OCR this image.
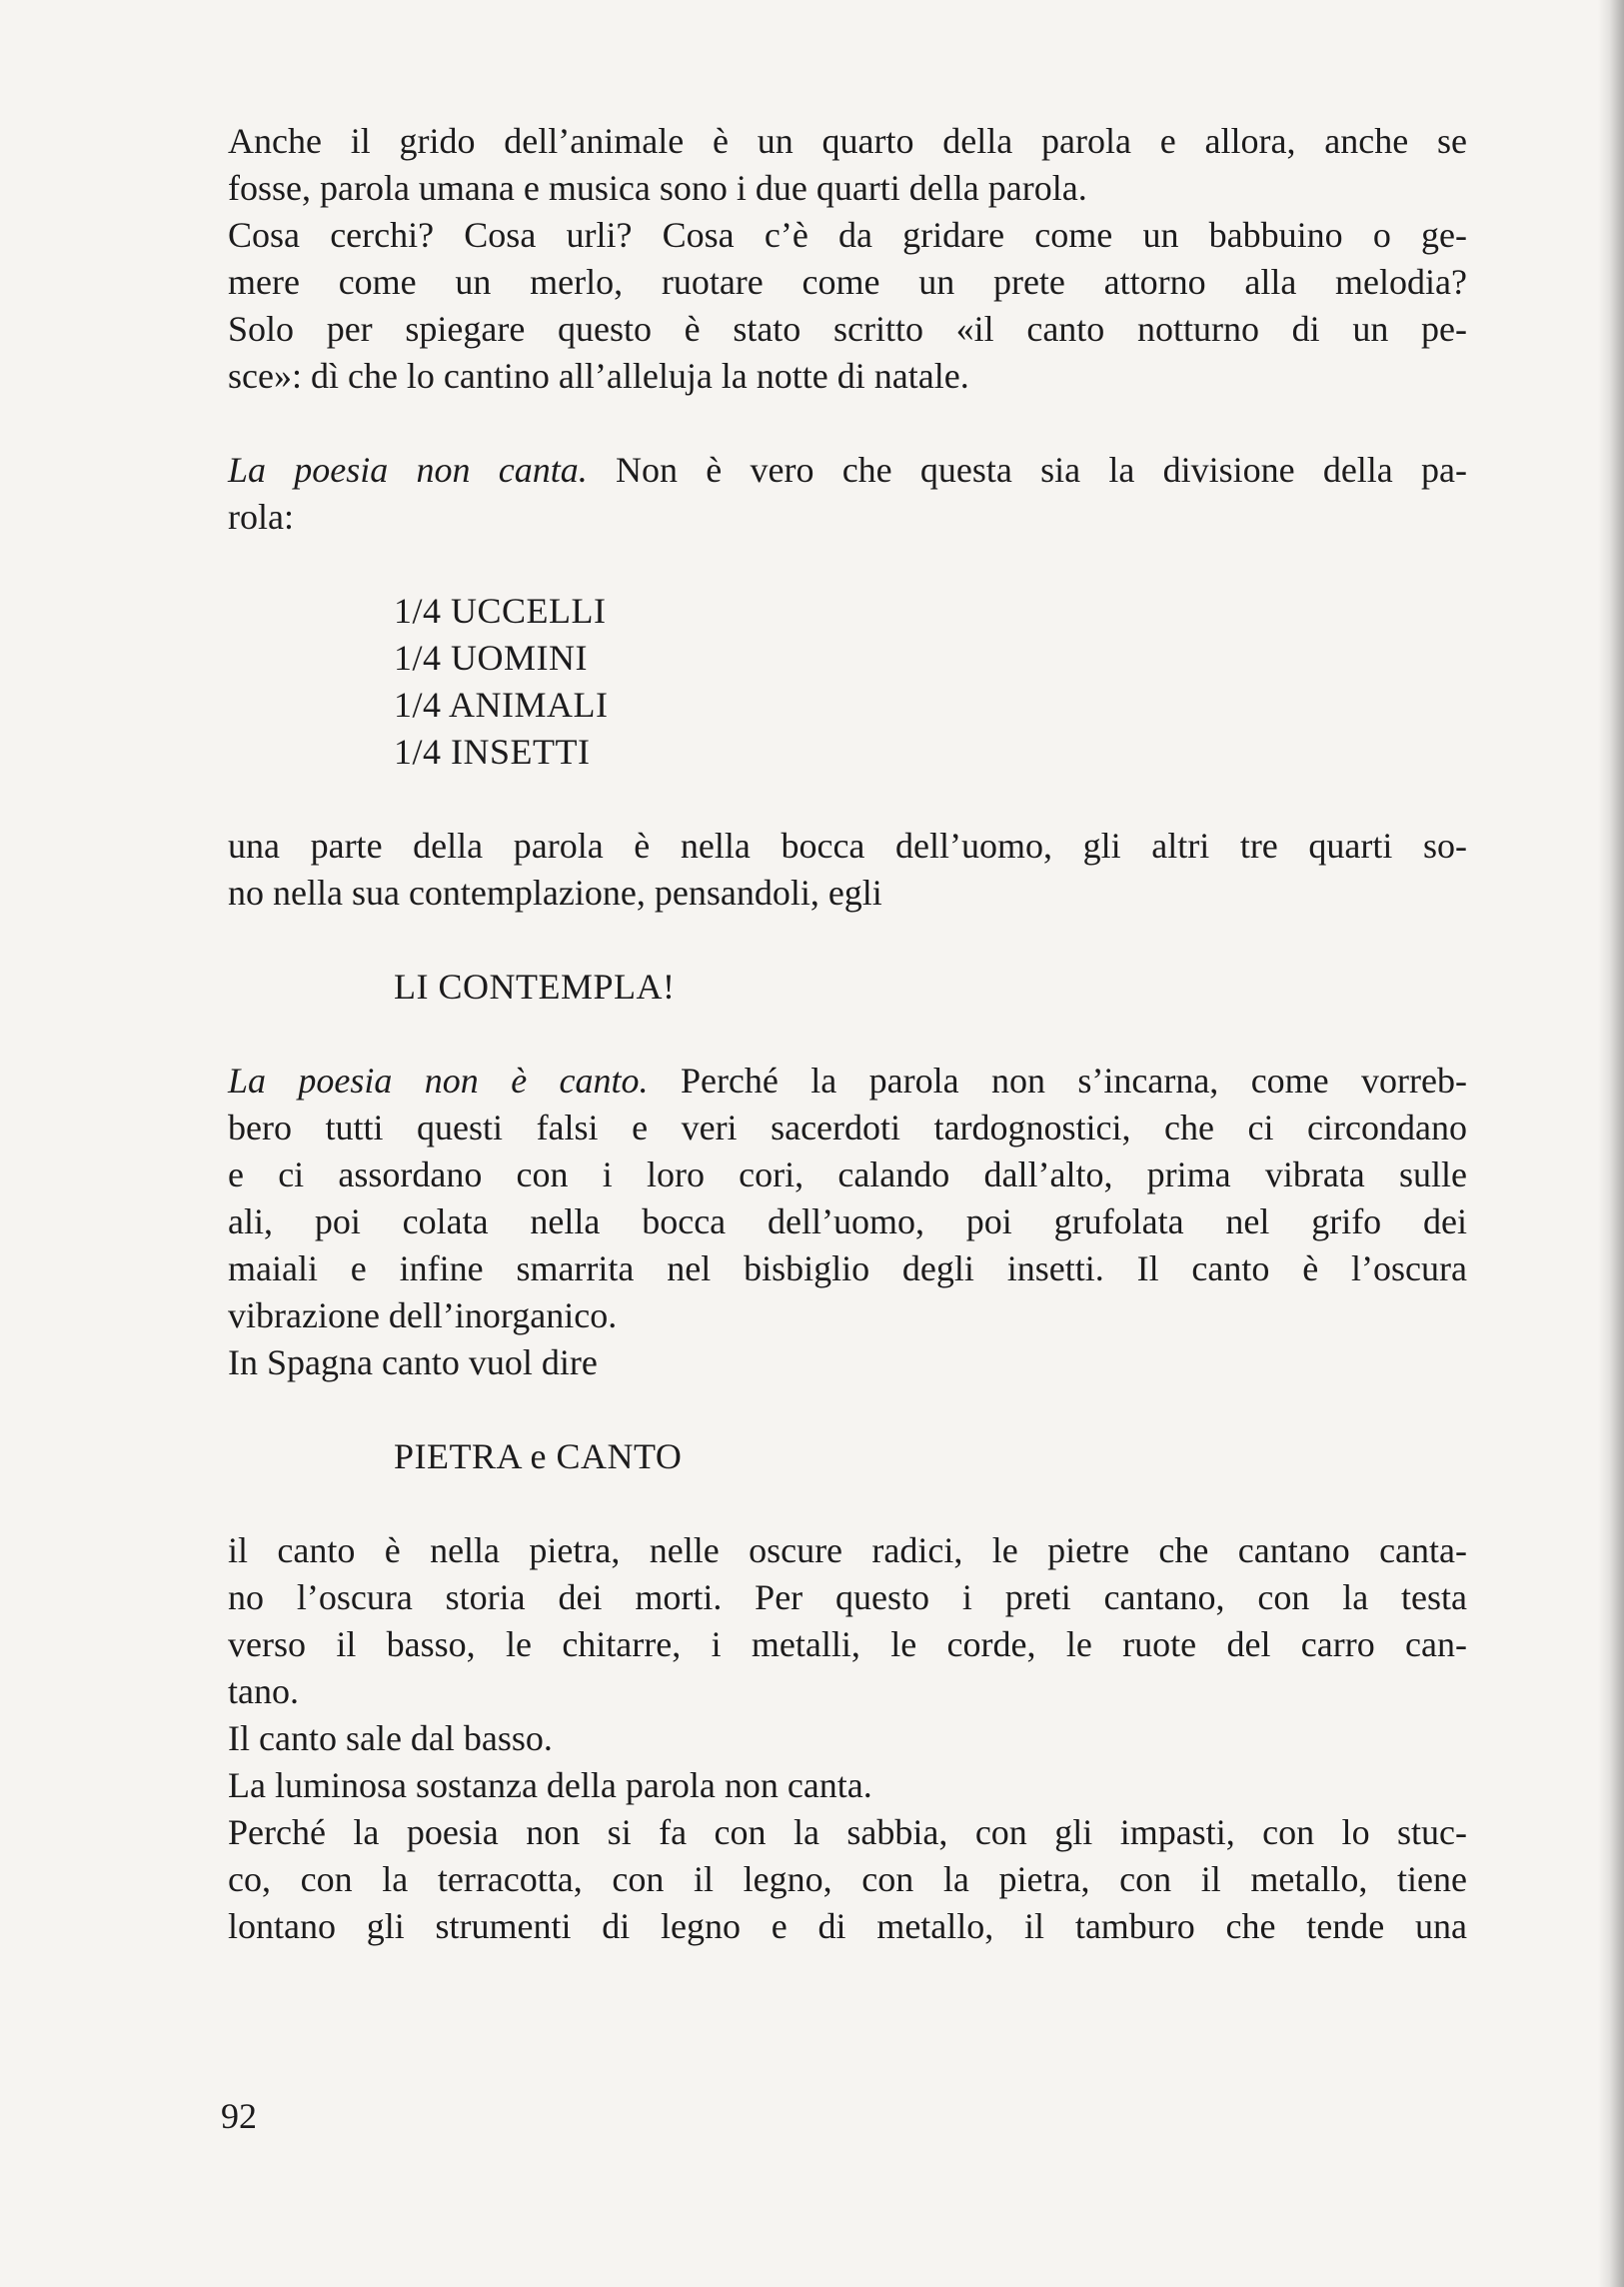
Anche il grido dell’animale è un quarto della parola e allora, anche se
fosse, parola umana e musica sono i due quarti della parola.
Cosa cerchi? Cosa urli? Cosa c’è da gridare come un babbuino o ge-
mere come un merlo, ruotare come un prete attorno alla melodia?
Solo per spiegare questo è stato scritto «il canto notturno di un pe-
sce»: dì che lo cantino all’alleluja la notte di natale.

La poesia non canta. Non è vero che questa sia la divisione della pa-
rola:

1/4 UCCELLI

1/4 UOMINI

1/4 ANIMALI

1/4 INSETTI

una parte della parola è nella bocca dell’uomo, gli altri tre quarti so-
no nella sua contemplazione, pensandoli, egli

LI CONTEMPLA!

La poesia non è canto. Perché la parola non s’incarna, come vorreb-
bero tutti questi falsi e veri sacerdoti tardognostici, che ci circondano
e ci assordano con i loro cori, calando dall’alto, prima vibrata sulle
ali, poi colata nella bocca dell’uomo, poi grufolata nel grifo dei
maiali e infine smarrita nel bisbiglio degli insetti. Il canto è l’oscura
vibrazione dell’inorganico.
In Spagna canto vuol dire

PIETRA e CANTO

il canto è nella pietra, nelle oscure radici, le pietre che cantano canta-
no l’oscura storia dei morti. Per questo i preti cantano, con la testa
verso il basso, le chitarre, i metalli, le corde, le ruote del carro can-
tano.
Il canto sale dal basso.
La luminosa sostanza della parola non canta.
Perché la poesia non si fa con la sabbia, con gli impasti, con lo stuc-
co, con la terracotta, con il legno, con la pietra, con il metallo, tiene
lontano gli strumenti di legno e di metallo, il tamburo che tende una

92
